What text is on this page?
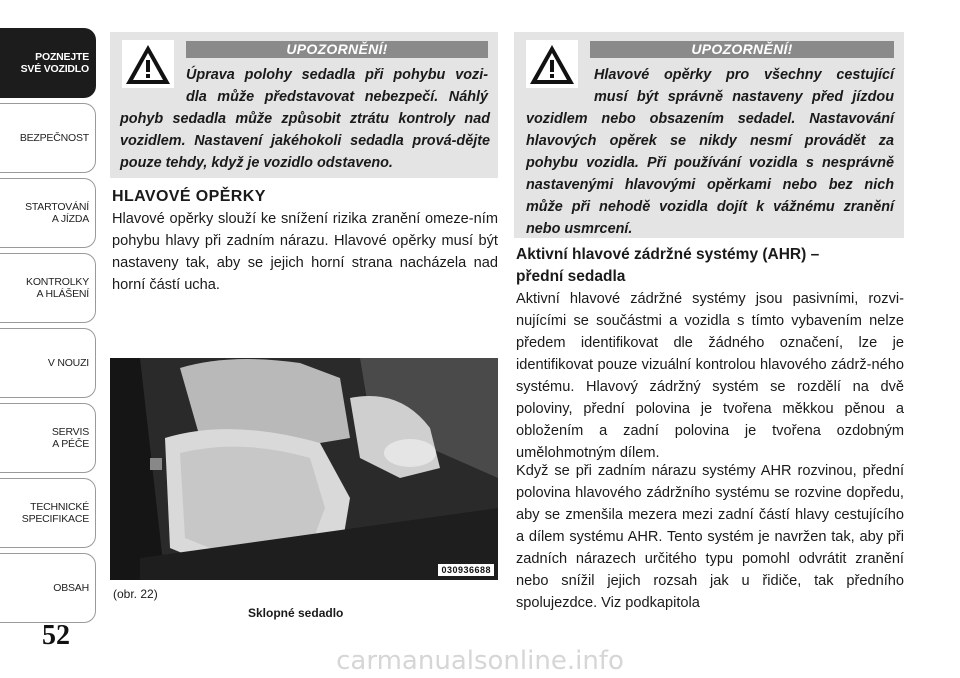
POZNEJTE
SVÉ VOZIDLO
BEZPEČNOST
STARTOVÁNÍ
A JÍZDA
KONTROLKY
A HLÁŠENÍ
V NOUZI
SERVIS
A PÉČE
TECHNICKÉ
SPECIFIKACE
OBSAH
52
UPOZORNĚNÍ!
Úprava polohy sedadla při pohybu vozi-
dla může představovat nebezpečí. Náhlý
pohyb sedadla může způsobit ztrátu kontroly nad vozidlem. Nastavení jakéhokoli sedadla prová-děјte pouze tehdy, když je vozidlo odstaveno.
HLAVOVÉ OPĚRKY
Hlavové opěrky slouží ke snížení rizika zranění omeze-ním pohybu hlavy při zadním nárazu. Hlavové opěrky musí být nastaveny tak, aby se jejich horní strana nacházela nad horní částí ucha.
030936688
(obr. 22)
Sklopné sedadlo
UPOZORNĚNÍ!
Hlavové opěrky pro všechny cestující
musí být správně nastaveny před jízdou
vozidlem nebo obsazením sedadel. Nastavování hlavových opěrek se nikdy nesmí provádět za pohybu vozidla. Při používání vozidla s nesprávně nastavenými hlavovými opěrkami nebo bez nich může při nehodě vozidla dojít k vážnému zranění nebo usmrcení.
Aktivní hlavové zádržné systémy (AHR) –
přední sedadla
Aktivní hlavové zádržné systémy jsou pasivními, rozvi-nujícími se součástmi a vozidla s tímto vybavením nelze předem identifikovat dle žádného označení, lze je identifikovat pouze vizuální kontrolou hlavového zádrž-ného systému. Hlavový zádržný systém se rozdělí na dvě poloviny, přední polovina je tvořena měkkou pěnou a obložením a zadní polovina je tvořena ozdobným umělohmotným dílem.
Když se při zadním nárazu systémy AHR rozvinou, přední polovina hlavového zádržního systému se rozvine dopředu, aby se zmenšila mezera mezi zadní částí hlavy cestujícího a dílem systému AHR. Tento systém je navržen tak, aby při zadních nárazech určitého typu pomohl odvrátit zranění nebo snížil jejich rozsah jak u řidiče, tak předního spolujezdce. Viz podkapitola
carmanualsonline.info
